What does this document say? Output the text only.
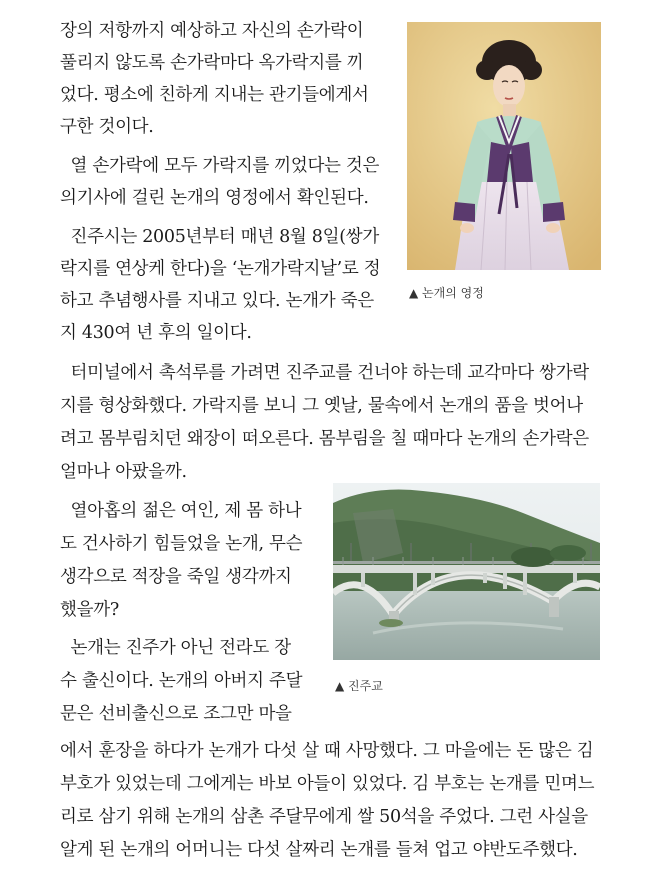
장의 저항까지 예상하고 자신의 손가락이
풀리지 않도록 손가락마다 옥가락지를 끼
었다. 평소에 친하게 지내는 관기들에게서
구한 것이다.
열 손가락에 모두 가락지를 끼었다는 것은
의기사에 걸린 논개의 영정에서 확인된다.
진주시는 2005년부터 매년 8월 8일(쌍가
락지를 연상케 한다)을 ‘논개가락지날’로 정
하고 추념행사를 지내고 있다. 논개가 죽은
지 430여 년 후의 일이다.
터미널에서 촉석루를 가려면 진주교를 건너야 하는데 교각마다 쌍가락
지를 형상화했다. 가락지를 보니 그 옛날, 물속에서 논개의 품을 벗어나
려고 몸부림치던 왜장이 떠오른다. 몸부림을 칠 때마다 논개의 손가락은
얼마나 아팠을까.
열아홉의 젊은 여인, 제 몸 하나
도 건사하기 힘들었을 논개, 무슨
생각으로 적장을 죽일 생각까지
했을까?
논개는 진주가 아닌 전라도 장
수 출신이다. 논개의 아버지 주달
문은 선비출신으로 조그만 마을
에서 훈장을 하다가 논개가 다섯 살 때 사망했다. 그 마을에는 돈 많은 김
부호가 있었는데 그에게는 바보 아들이 있었다. 김 부호는 논개를 민며느
리로 삼기 위해 논개의 삼촌 주달무에게 쌀 50석을 주었다. 그런 사실을
알게 된 논개의 어머니는 다섯 살짜리 논개를 들쳐 업고 야반도주했다.
▲ 논개의 영정
▲ 진주교
